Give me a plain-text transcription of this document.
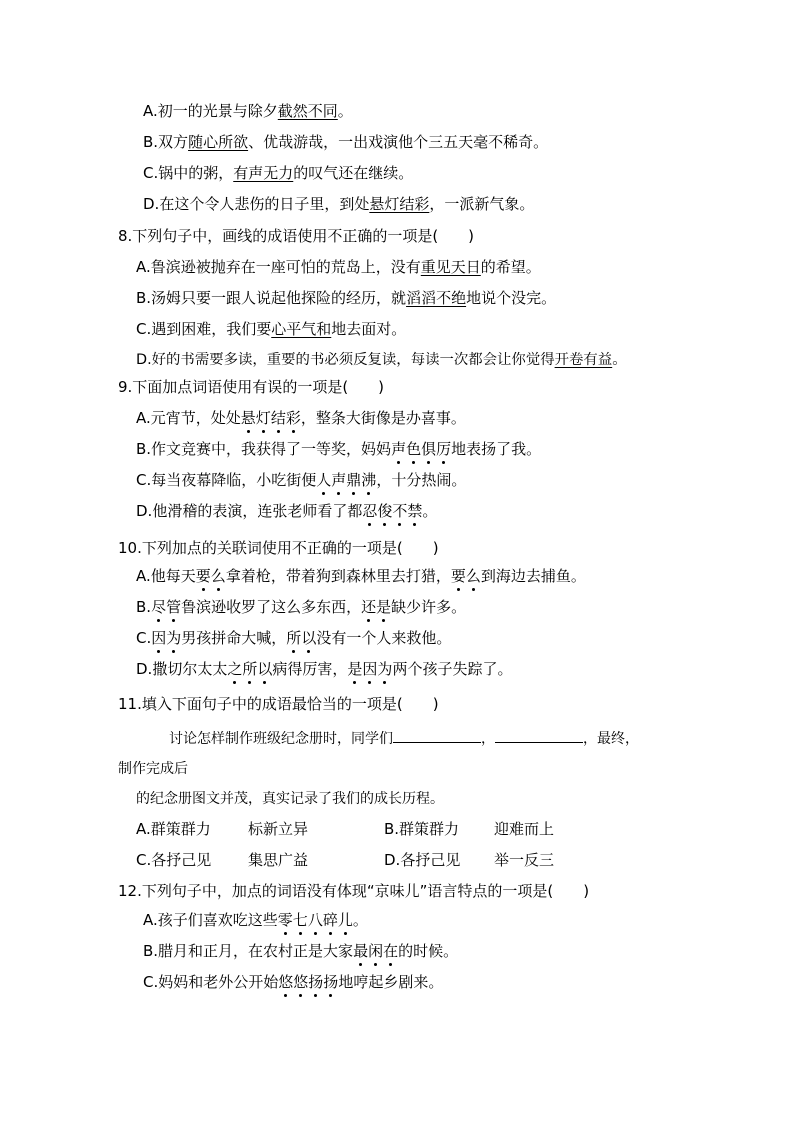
A.初一的光景与除夕截然不同。
B.双方随心所欲、优哉游哉，一出戏演他个三五天毫不稀奇。
C.锅中的粥，有声无力的叹气还在继续。
D.在这个令人悲伤的日子里，到处悬灯结彩，一派新气象。
8.下列句子中，画线的成语使用不正确的一项是(　　)
A.鲁滨逊被抛弃在一座可怕的荒岛上，没有重见天日的希望。
B.汤姆只要一跟人说起他探险的经历，就滔滔不绝地说个没完。
C.遇到困难，我们要心平气和地去面对。
D.好的书需要多读，重要的书必须反复读，每读一次都会让你觉得开卷有益。
9.下面加点词语使用有误的一项是(　　)
A.元宵节，处处悬灯结彩，整条大街像是办喜事。
B.作文竞赛中，我获得了一等奖，妈妈声色俱厉地表扬了我。
C.每当夜幕降临，小吃街便人声鼎沸，十分热闹。
D.他滑稽的表演，连张老师看了都忍俊不禁。
10.下列加点的关联词使用不正确的一项是(　　)
A.他每天要么拿着枪，带着狗到森林里去打猎，要么到海边去捕鱼。
B.尽管鲁滨逊收罗了这么多东西，还是缺少许多。
C.因为男孩拼命大喊，所以没有一个人来救他。
D.撒切尔太太之所以病得厉害，是因为两个孩子失踪了。
11.填入下面句子中的成语最恰当的一项是(　　)
讨论怎样制作班级纪念册时，同学们	，	，最终，
制作完成后
的纪念册图文并茂，真实记录了我们的成长历程。
A.群策群力 标新立异	B.群策群力 迎难而上
C.各抒己见 集思广益	D.各抒己见 举一反三
12.下列句子中，加点的词语没有体现“京味儿”语言特点的一项是(　　)
A.孩子们喜欢吃这些零七八碎儿。
B.腊月和正月，在农村正是大家最闲在的时候。
C.妈妈和老外公开始悠悠扬扬地哼起乡剧来。
